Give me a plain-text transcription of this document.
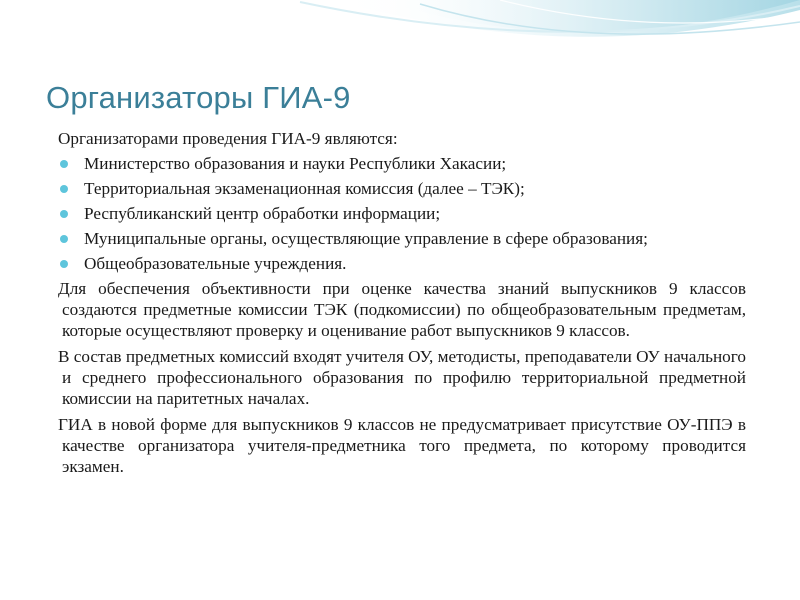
Организаторы ГИА-9

Организаторами проведения ГИА-9 являются:

Министерство образования и науки Республики Хакасии;
Территориальная экзаменационная комиссия (далее – ТЭК);
Республиканский центр обработки информации;
Муниципальные органы, осуществляющие управление в сфере образования;
Общеобразовательные учреждения.

Для обеспечения объективности при оценке качества знаний выпускников 9 классов создаются предметные комиссии ТЭК (подкомиссии) по общеобразовательным предметам, которые осуществляют проверку и оценивание работ выпускников 9 классов.

В состав предметных комиссий входят учителя ОУ, методисты, преподаватели ОУ начального и среднего профессионального образования по профилю территориальной предметной комиссии на паритетных началах.

ГИА в новой форме для выпускников 9 классов не предусматривает присутствие ОУ-ППЭ в качестве организатора учителя-предметника того предмета, по которому проводится экзамен.
